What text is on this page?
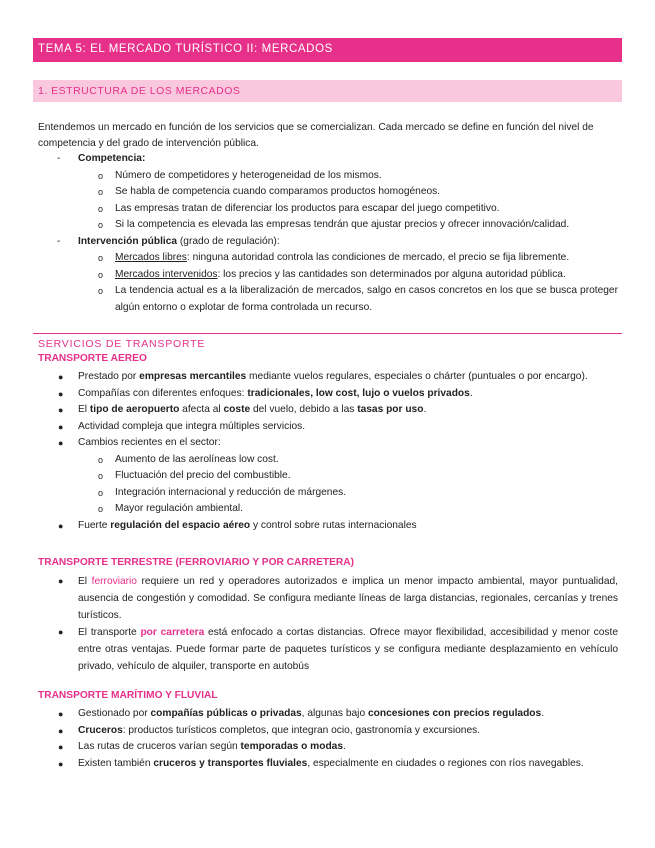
TEMA 5: EL MERCADO TURÍSTICO II: MERCADOS
1. ESTRUCTURA DE LOS MERCADOS

Entendemos un mercado en función de los servicios que se comercializan. Cada mercado se define en función del nivel de competencia y del grado de intervención pública.

- Competencia:
o Número de competidores y heterogeneidad de los mismos.
o Se habla de competencia cuando comparamos productos homogéneos.
o Las empresas tratan de diferenciar los productos para escapar del juego competitivo.
o Si la competencia es elevada las empresas tendrán que ajustar precios y ofrecer innovación/calidad.
- Intervención pública (grado de regulación):
o Mercados libres: ninguna autoridad controla las condiciones de mercado, el precio se fija libremente.
o Mercados intervenidos: los precios y las cantidades son determinados por alguna autoridad pública.
o La tendencia actual es a la liberalización de mercados, salgo en casos concretos en los que se busca proteger algún entorno o explotar de forma controlada un recurso.
SERVICIOS DE TRANSPORTE
TRANSPORTE AEREO
● Prestado por empresas mercantiles mediante vuelos regulares, especiales o chárter (puntuales o por encargo).
● Compañías con diferentes enfoques: tradicionales, low cost, lujo o vuelos privados.
● El tipo de aeropuerto afecta al coste del vuelo, debido a las tasas por uso.
● Actividad compleja que integra múltiples servicios.
● Cambios recientes en el sector:
o Aumento de las aerolíneas low cost.
o Fluctuación del precio del combustible.
o Integración internacional y reducción de márgenes.
o Mayor regulación ambiental.
● Fuerte regulación del espacio aéreo y control sobre rutas internacionales
TRANSPORTE TERRESTRE (FERROVIARIO Y POR CARRETERA)
● El ferroviario requiere un red y operadores autorizados e implica un menor impacto ambiental, mayor puntualidad, ausencia de congestión y comodidad. Se configura mediante líneas de larga distancias, regionales, cercanías y trenes turísticos.
● El transporte por carretera está enfocado a cortas distancias. Ofrece mayor flexibilidad, accesibilidad y menor coste entre otras ventajas. Puede formar parte de paquetes turísticos y se configura mediante desplazamiento en vehículo privado, vehículo de alquiler, transporte en autobús
TRANSPORTE MARÍTIMO Y FLUVIAL
● Gestionado por compañías públicas o privadas, algunas bajo concesiones con precios regulados.
● Cruceros: productos turísticos completos, que integran ocio, gastronomía y excursiones.
● Las rutas de cruceros varían según temporadas o modas.
● Existen también cruceros y transportes fluviales, especialmente en ciudades o regiones con ríos navegables.
